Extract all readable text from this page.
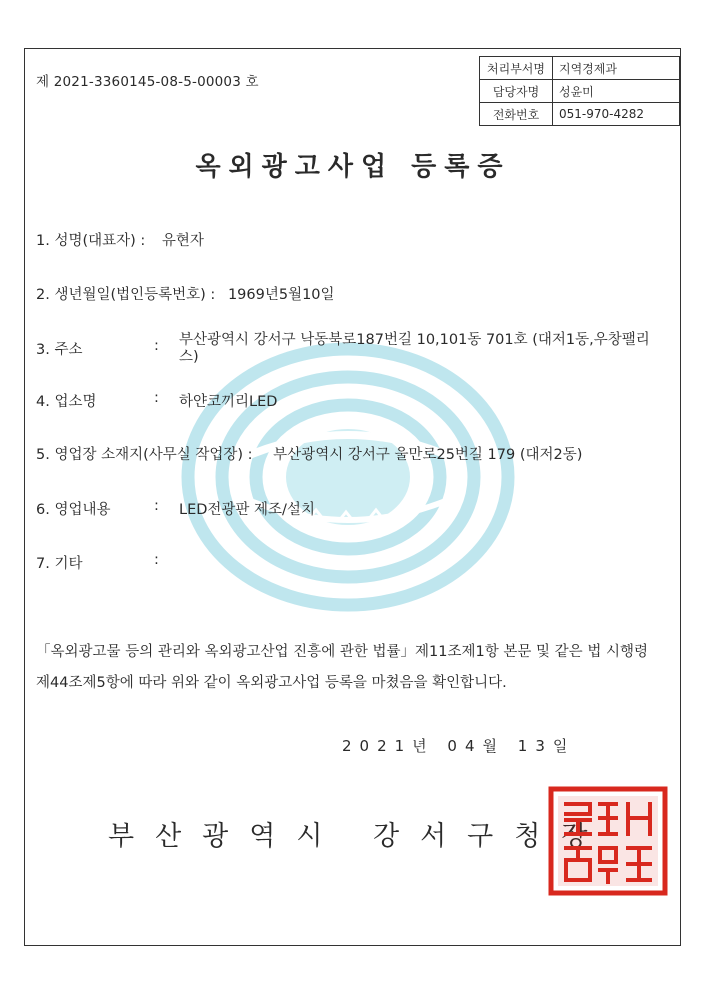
제 2021-3360145-08-5-00003 호
처리부서명	지역경제과
담당자명	성윤미
전화번호	051-970-4282
옥외광고사업 등록증
1. 성명(대표자) : 유현자
2. 생년월일(법인등록번호) : 1969년5월10일
3. 주소	: 부산광역시 강서구 낙동북로187번길 10,101동 701호 (대저1동,우창팰리스)
4. 업소명	: 하얀코끼리LED
5. 영업장 소재지(사무실 작업장) : 부산광역시 강서구 울만로25번길 179 (대저2동)
6. 영업내용	: LED전광판 제조/설치
7. 기타	:
「옥외광고물 등의 관리와 옥외광고산업 진흥에 관한 법률」제11조제1항 본문 및 같은 법 시행령 제44조제5항에 따라 위와 같이 옥외광고사업 등록을 마쳤음을 확인합니다.
2021년 04월 13일
부산광역시 강서구청장
